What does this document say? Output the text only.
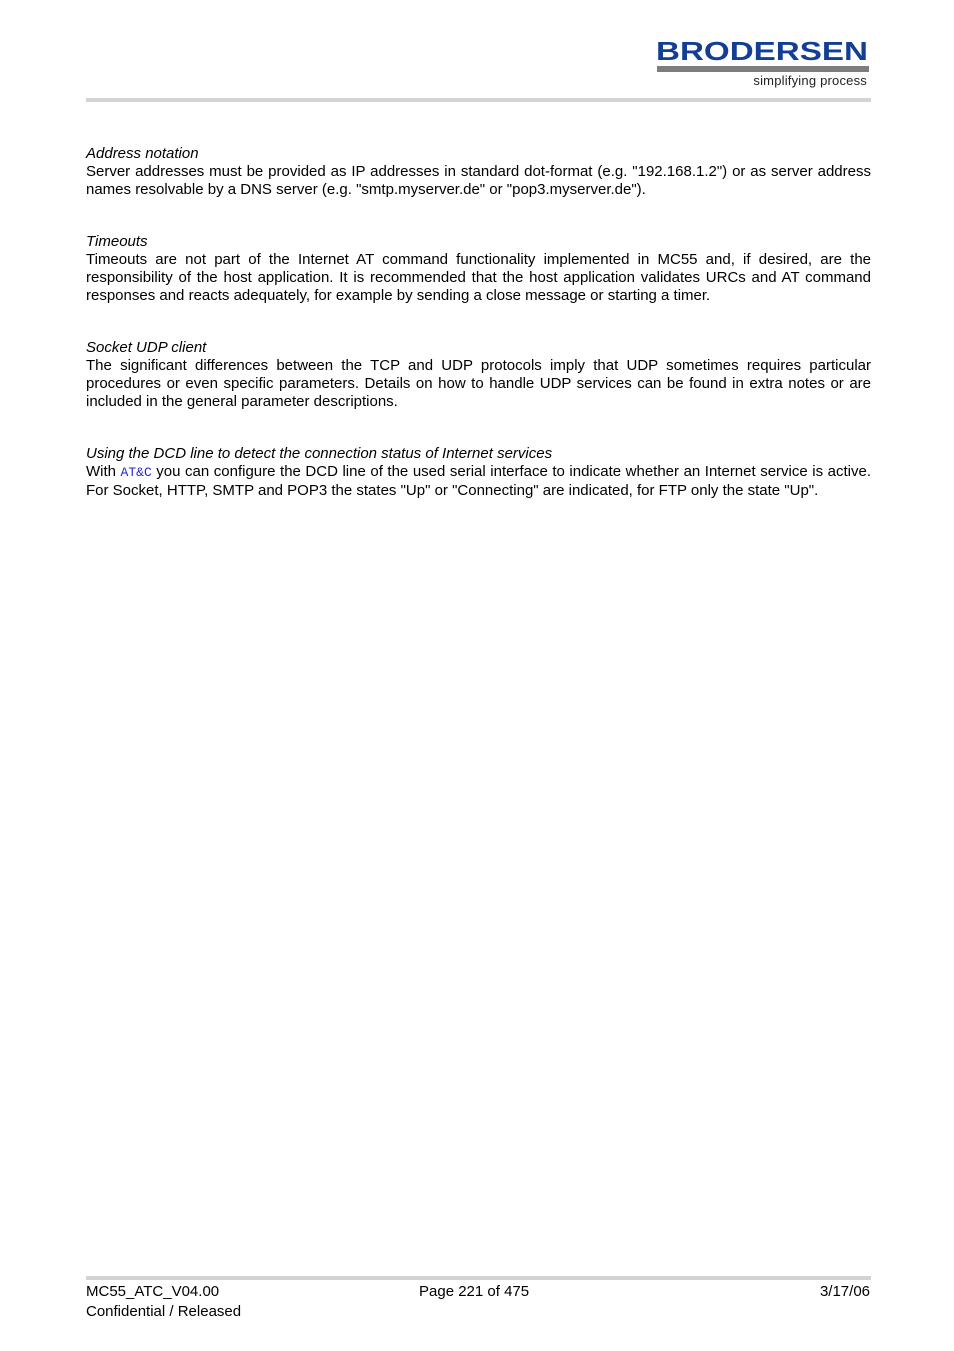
BRODERSEN
simplifying process

Address notation

Server addresses must be provided as IP addresses in standard dot-format (e.g. "192.168.1.2") or as server address names resolvable by a DNS server (e.g. "smtp.myserver.de" or "pop3.myserver.de").

Timeouts

Timeouts are not part of the Internet AT command functionality implemented in MC55 and, if desired, are the responsibility of the host application. It is recommended that the host application validates URCs and AT command responses and reacts adequately, for example by sending a close message or starting a timer.

Socket UDP client

The significant differences between the TCP and UDP protocols imply that UDP sometimes requires particular procedures or even specific parameters. Details on how to handle UDP services can be found in extra notes or are included in the general parameter descriptions.

Using the DCD line to detect the connection status of Internet services

With AT&C you can configure the DCD line of the used serial interface to indicate whether an Internet service is active. For Socket, HTTP, SMTP and POP3 the states "Up" or "Connecting" are indicated, for FTP only the state "Up".

MC55_ATC_V04.00
Confidential / Released
Page 221 of 475	3/17/06
